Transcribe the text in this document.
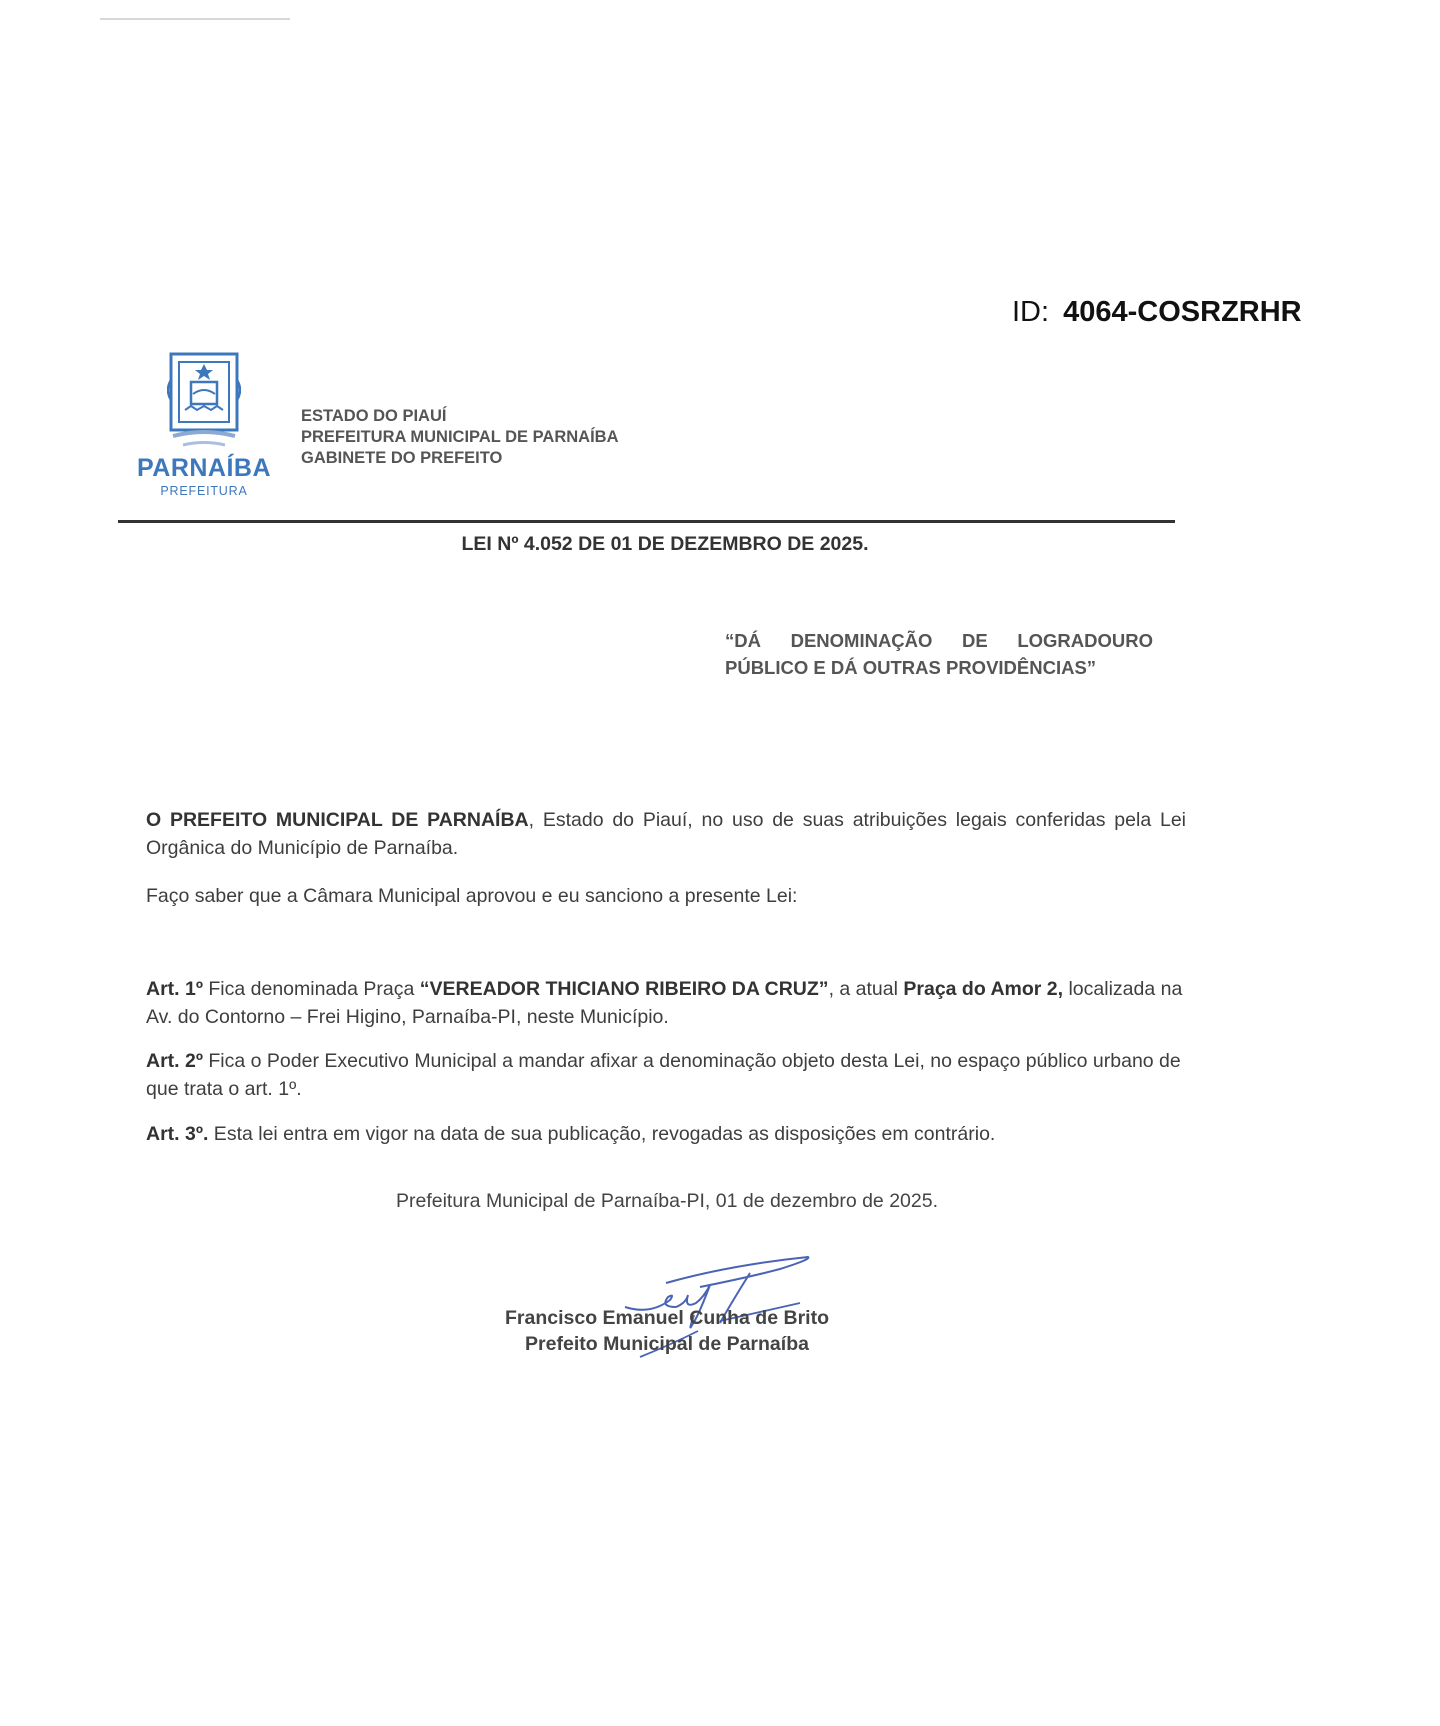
ID: 4064-COSRZRHR
PARNAÍBA
PREFEITURA
ESTADO DO PIAUÍ
PREFEITURA MUNICIPAL DE PARNAÍBA
GABINETE DO PREFEITO
LEI Nº 4.052 DE 01 DE DEZEMBRO DE 2025.
“DÁ DENOMINAÇÃO DE LOGRADOURO
PÚBLICO E DÁ OUTRAS PROVIDÊNCIAS”
O PREFEITO MUNICIPAL DE PARNAÍBA, Estado do Piauí, no uso de suas atribuições legais conferidas pela Lei Orgânica do Município de Parnaíba.
Faço saber que a Câmara Municipal aprovou e eu sanciono a presente Lei:
Art. 1º Fica denominada Praça “VEREADOR THICIANO RIBEIRO DA CRUZ”, a atual Praça do Amor 2, localizada na Av. do Contorno – Frei Higino, Parnaíba-PI, neste Município.
Art. 2º Fica o Poder Executivo Municipal a mandar afixar a denominação objeto desta Lei, no espaço público urbano de que trata o art. 1º.
Art. 3º. Esta lei entra em vigor na data de sua publicação, revogadas as disposições em contrário.
Prefeitura Municipal de Parnaíba-PI, 01 de dezembro de 2025.
Francisco Emanuel Cunha de Brito
Prefeito Municipal de Parnaíba
